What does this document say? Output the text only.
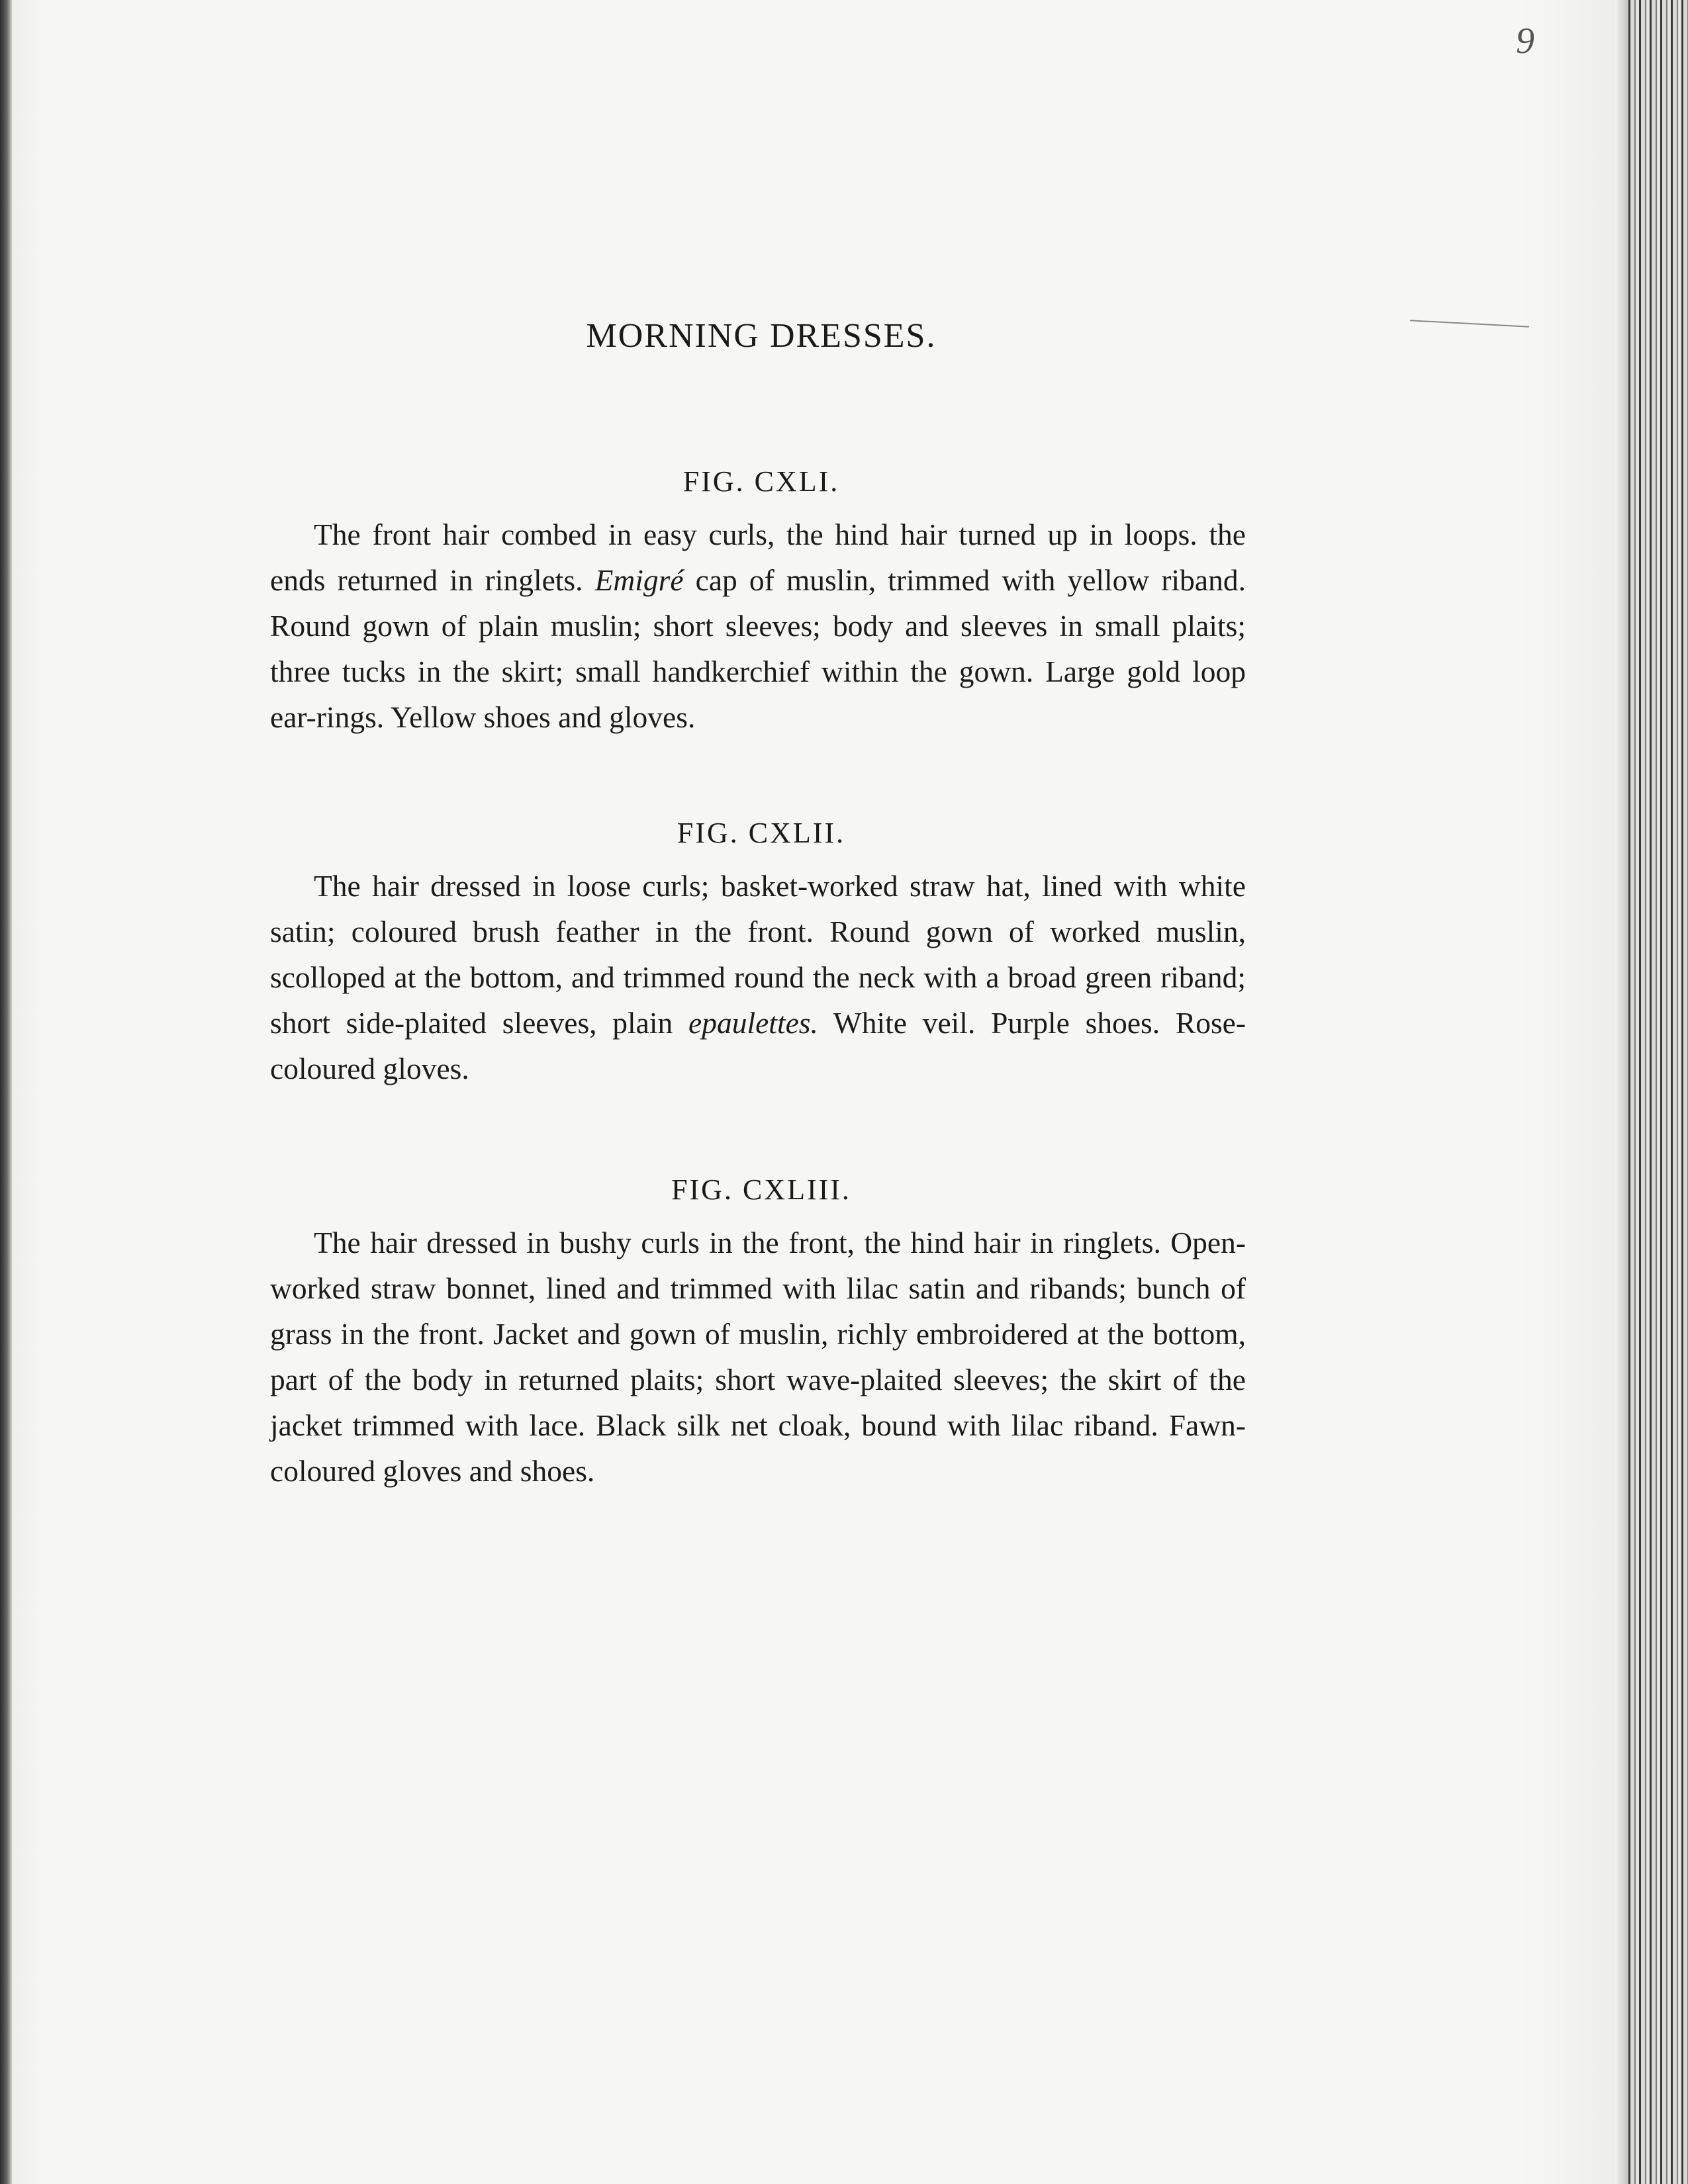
9
MORNING DRESSES.
FIG. CXLI.
The front hair combed in easy curls, the hind hair turned up in loops. the ends returned in ringlets. Emigré cap of muslin, trimmed with yellow riband. Round gown of plain muslin; short sleeves; body and sleeves in small plaits; three tucks in the skirt; small handkerchief within the gown. Large gold loop ear-rings. Yellow shoes and gloves.
FIG. CXLII.
The hair dressed in loose curls; basket-worked straw hat, lined with white satin; coloured brush feather in the front. Round gown of worked muslin, scolloped at the bottom, and trimmed round the neck with a broad green riband; short side-plaited sleeves, plain epaulettes. White veil. Purple shoes. Rose-coloured gloves.
FIG. CXLIII.
The hair dressed in bushy curls in the front, the hind hair in ringlets. Open-worked straw bonnet, lined and trimmed with lilac satin and ribands; bunch of grass in the front. Jacket and gown of muslin, richly embroidered at the bottom, part of the body in returned plaits; short wave-plaited sleeves; the skirt of the jacket trimmed with lace. Black silk net cloak, bound with lilac riband. Fawn-coloured gloves and shoes.
